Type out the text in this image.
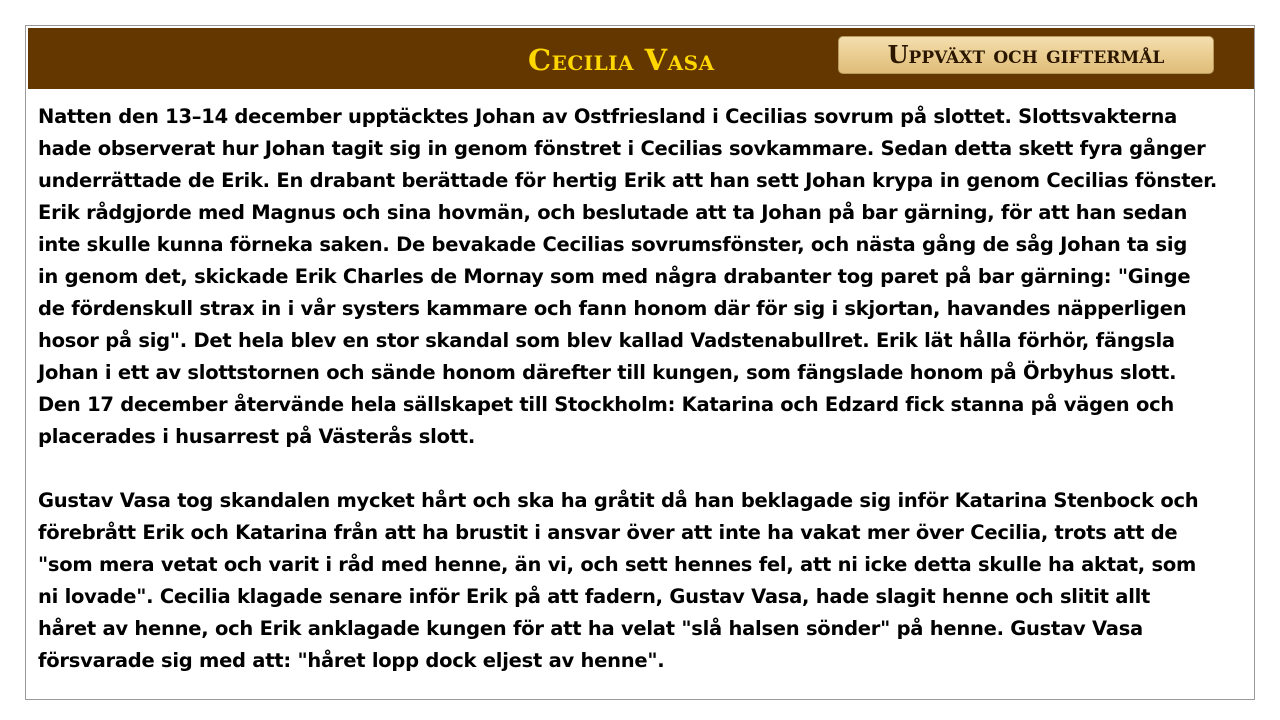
Cecilia Vasa	Uppväxt och giftermål

Natten den 13–14 december upptäcktes Johan av Ostfriesland i Cecilias sovrum på slottet. Slottsvakterna
hade observerat hur Johan tagit sig in genom fönstret i Cecilias sovkammare. Sedan detta skett fyra gånger
underrättade de Erik. En drabant berättade för hertig Erik att han sett Johan krypa in genom Cecilias fönster.
Erik rådgjorde med Magnus och sina hovmän, och beslutade att ta Johan på bar gärning, för att han sedan
inte skulle kunna förneka saken. De bevakade Cecilias sovrumsfönster, och nästa gång de såg Johan ta sig
in genom det, skickade Erik Charles de Mornay som med några drabanter tog paret på bar gärning: "Ginge
de fördenskull strax in i vår systers kammare och fann honom där för sig i skjortan, havandes näpperligen
hosor på sig". Det hela blev en stor skandal som blev kallad Vadstenabullret. Erik lät hålla förhör, fängsla
Johan i ett av slottstornen och sände honom därefter till kungen, som fängslade honom på Örbyhus slott.
Den 17 december återvände hela sällskapet till Stockholm: Katarina och Edzard fick stanna på vägen och
placerades i husarrest på Västerås slott.

Gustav Vasa tog skandalen mycket hårt och ska ha gråtit då han beklagade sig inför Katarina Stenbock och
förebrått Erik och Katarina från att ha brustit i ansvar över att inte ha vakat mer över Cecilia, trots att de
"som mera vetat och varit i råd med henne, än vi, och sett hennes fel, att ni icke detta skulle ha aktat, som
ni lovade". Cecilia klagade senare inför Erik på att fadern, Gustav Vasa, hade slagit henne och slitit allt
håret av henne, och Erik anklagade kungen för att ha velat "slå halsen sönder" på henne. Gustav Vasa
försvarade sig med att: "håret lopp dock eljest av henne".
